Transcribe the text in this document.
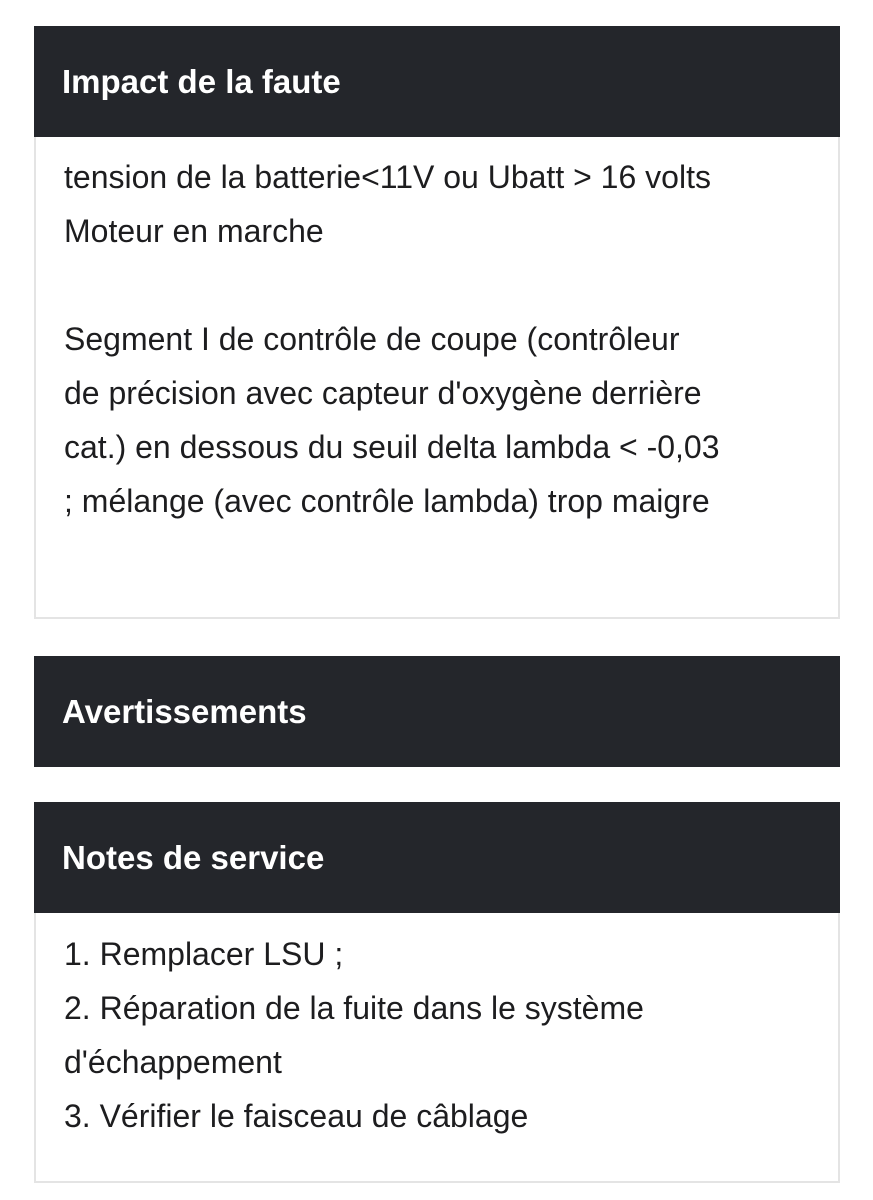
Impact de la faute
tension de la batterie<11V ou Ubatt > 16 volts
Moteur en marche
Segment I de contrôle de coupe (contrôleur
de précision avec capteur d'oxygène derrière
cat.) en dessous du seuil delta lambda < -0,03
; mélange (avec contrôle lambda) trop maigre
Avertissements
Notes de service
1. Remplacer LSU ;
2. Réparation de la fuite dans le système
d'échappement
3. Vérifier le faisceau de câblage
